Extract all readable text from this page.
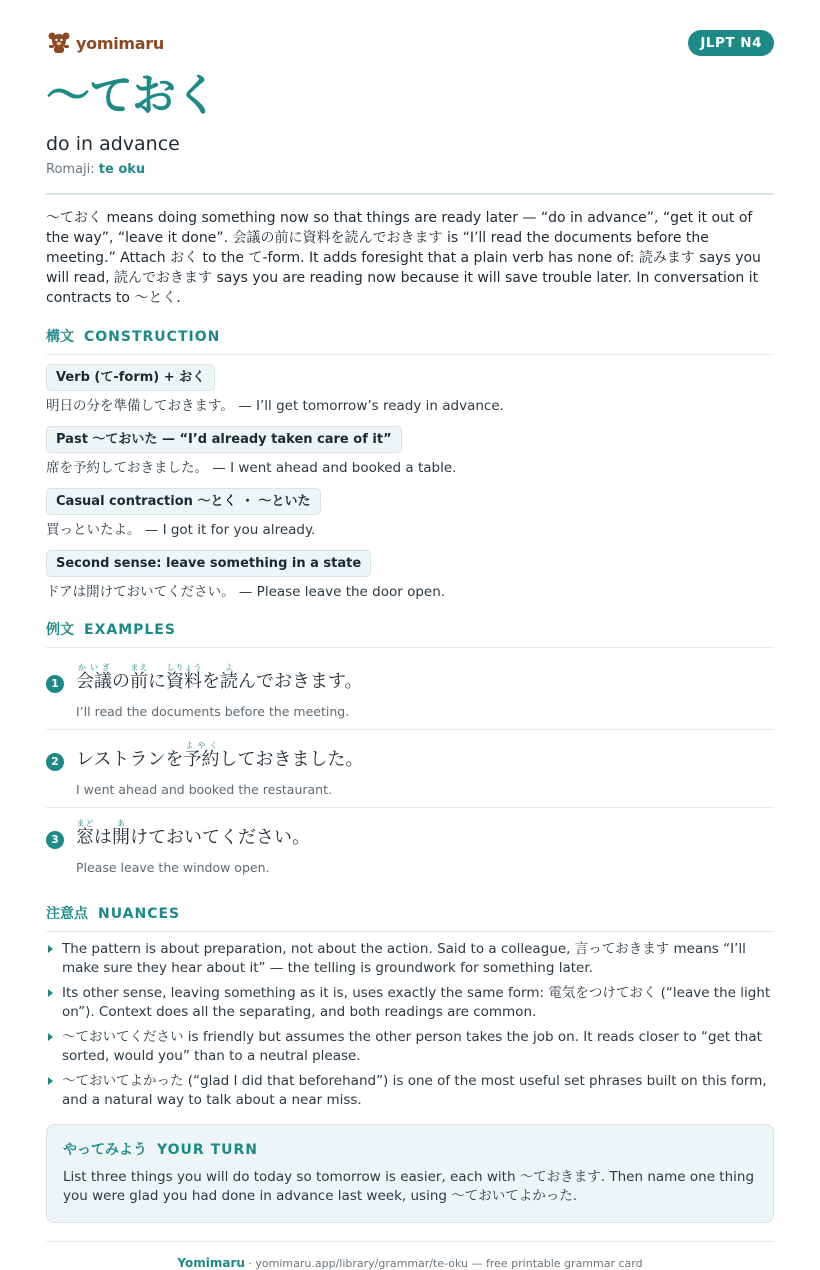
yomimaru	JLPT N4
〜ておく
do in advance
Romaji: te oku

〜ておく means doing something now so that things are ready later — “do in advance”, “get it out of the way”, “leave it done”. 会議の前に資料を読んでおきます is “I’ll read the documents before the meeting.” Attach おく to the て-form. It adds foresight that a plain verb has none of: 読みます says you will read, 読んでおきます says you are reading now because it will save trouble later. In conversation it contracts to 〜とく.

構文 CONSTRUCTION
Verb (て-form) + おく
明日の分を準備しておきます。 — I’ll get tomorrow’s ready in advance.
Past 〜ておいた — “I’d already taken care of it”
席を予約しておきました。 — I went ahead and booked a table.
Casual contraction 〜とく ・ 〜といた
買っといたよ。 — I got it for you already.
Second sense: leave something in a state
ドアは開けておいてください。 — Please leave the door open.
例文 EXAMPLES
1 会議かいぎの前まえに資料しりょうを読よんでおきます。
I’ll read the documents before the meeting.
2 レストランを予約よやくしておきました。
I went ahead and booked the restaurant.
3 窓まどは開あけておいてください。
Please leave the window open.
注意点 NUANCES
The pattern is about preparation, not about the action. Said to a colleague, 言っておきます means “I’ll make sure they hear about it” — the telling is groundwork for something later.
Its other sense, leaving something as it is, uses exactly the same form: 電気をつけておく (“leave the light on”). Context does all the separating, and both readings are common.
〜ておいてください is friendly but assumes the other person takes the job on. It reads closer to “get that sorted, would you” than to a neutral please.
〜ておいてよかった (“glad I did that beforehand”) is one of the most useful set phrases built on this form, and a natural way to talk about a near miss.
やってみよう YOUR TURN
List three things you will do today so tomorrow is easier, each with 〜ておきます. Then name one thing you were glad you had done in advance last week, using 〜ておいてよかった.
Yomimaru · yomimaru.app/library/grammar/te-oku — free printable grammar card
